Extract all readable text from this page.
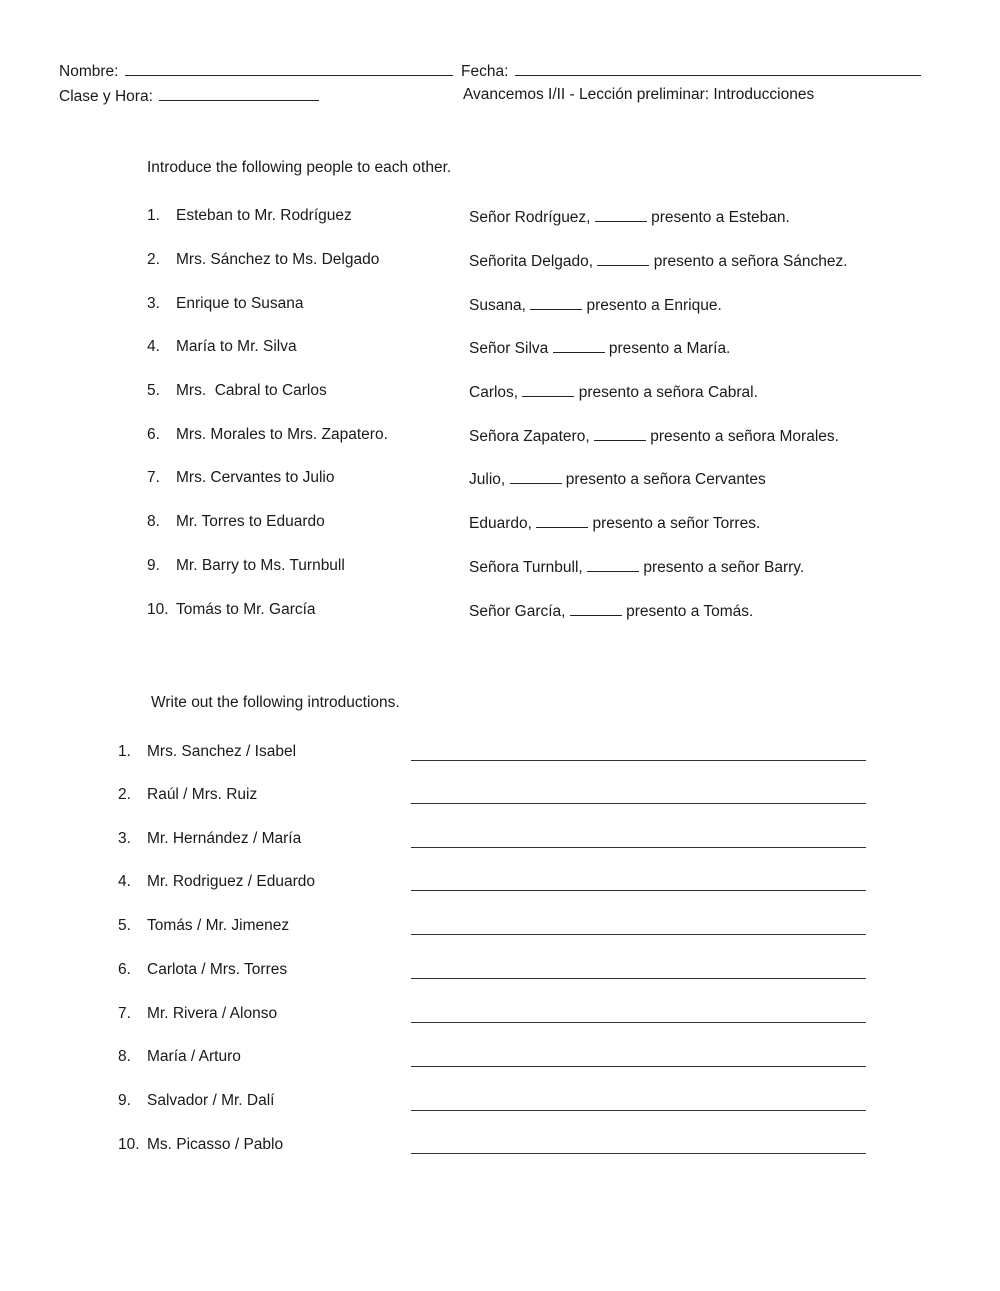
Nombre:	Fecha:
Clase y Hora:	Avancemos I/II - Lección preliminar: Introducciones
Introduce the following people to each other.
1. Esteban to Mr. Rodríguez	Señor Rodríguez,	presento a Esteban.
2. Mrs. Sánchez to Ms. Delgado	Señorita Delgado,	presento a señora Sánchez.
3. Enrique to Susana	Susana,	presento a Enrique.
4. María to Mr. Silva	Señor Silva	presento a María.
5. Mrs.  Cabral to Carlos	Carlos,	presento a señora Cabral.
6. Mrs. Morales to Mrs. Zapatero.	Señora Zapatero,	presento a señora Morales.
7. Mrs. Cervantes to Julio	Julio,	presento a señora Cervantes
8. Mr. Torres to Eduardo	Eduardo,	presento a señor Torres.
9. Mr. Barry to Ms. Turnbull	Señora Turnbull,	presento a señor Barry.
10. Tomás to Mr. García	Señor García,	presento a Tomás.
Write out the following introductions.
1. Mrs. Sanchez / Isabel
2. Raúl / Mrs. Ruiz
3. Mr. Hernández / María
4. Mr. Rodriguez / Eduardo
5. Tomás / Mr. Jimenez
6. Carlota / Mrs. Torres
7. Mr. Rivera / Alonso
8. María / Arturo
9. Salvador / Mr. Dalí
10. Ms. Picasso / Pablo
